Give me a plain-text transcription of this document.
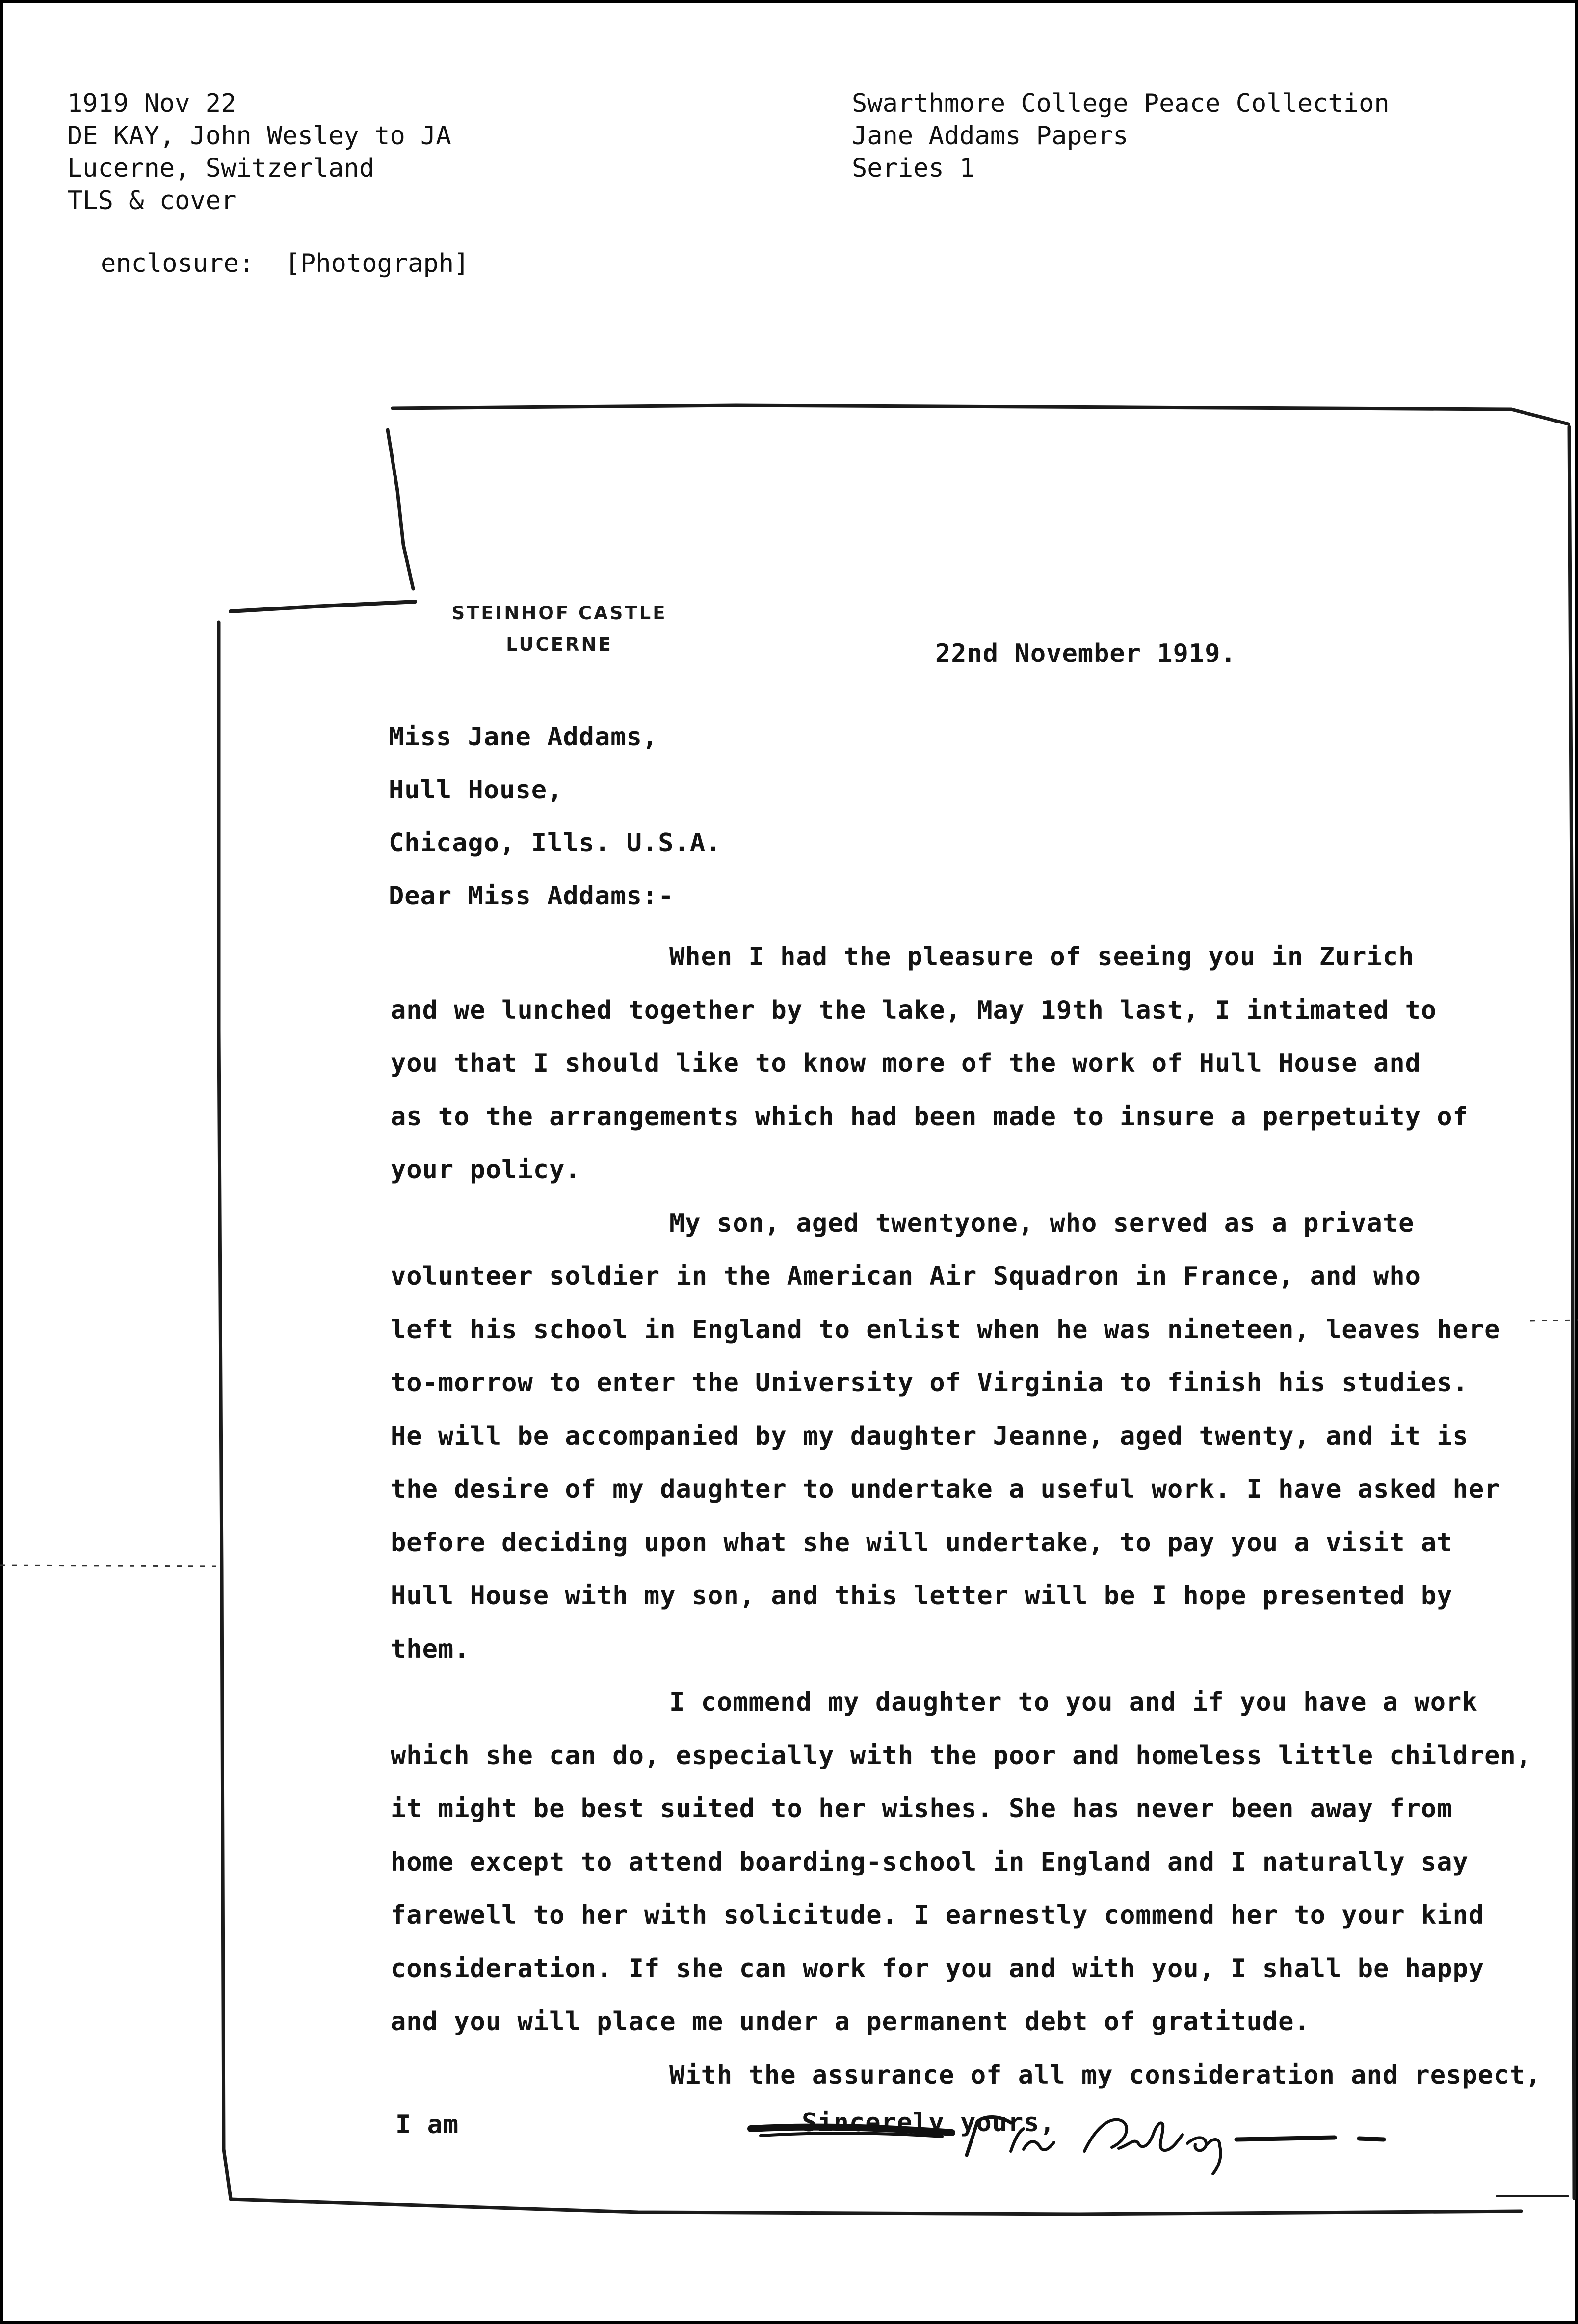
1919 Nov 22
DE KAY, John Wesley to JA
Lucerne, Switzerland
TLS & cover
Swarthmore College Peace Collection
Jane Addams Papers
Series 1
enclosure:  [Photograph]
STEINHOF CASTLE
LUCERNE	22nd November 1919.
Miss Jane Addams,
Hull House,
Chicago, Ills. U.S.A.
Dear Miss Addams:-

When I had the pleasure of seeing you in Zurich
and we lunched together by the lake, May 19th last, I intimated to
you that I should like to know more of the work of Hull House and
as to the arrangements which had been made to insure a perpetuity of
your policy.

My son, aged twentyone, who served as a private
volunteer soldier in the American Air Squadron in France, and who
left his school in England to enlist when he was nineteen, leaves here
to-morrow to enter the University of Virginia to finish his studies.
He will be accompanied by my daughter Jeanne, aged twenty, and it is
the desire of my daughter to undertake a useful work. I have asked her
before deciding upon what she will undertake, to pay you a visit at
Hull House with my son, and this letter will be I hope presented by
them.

I commend my daughter to you and if you have a work
which she can do, especially with the poor and homeless little children,
it might be best suited to her wishes. She has never been away from
home except to attend boarding-school in England and I naturally say
farewell to her with solicitude. I earnestly commend her to your kind
consideration. If she can work for you and with you, I shall be happy
and you will place me under a permanent debt of gratitude.

With the assurance of all my consideration and respect,

I am	Sincerely yours,
